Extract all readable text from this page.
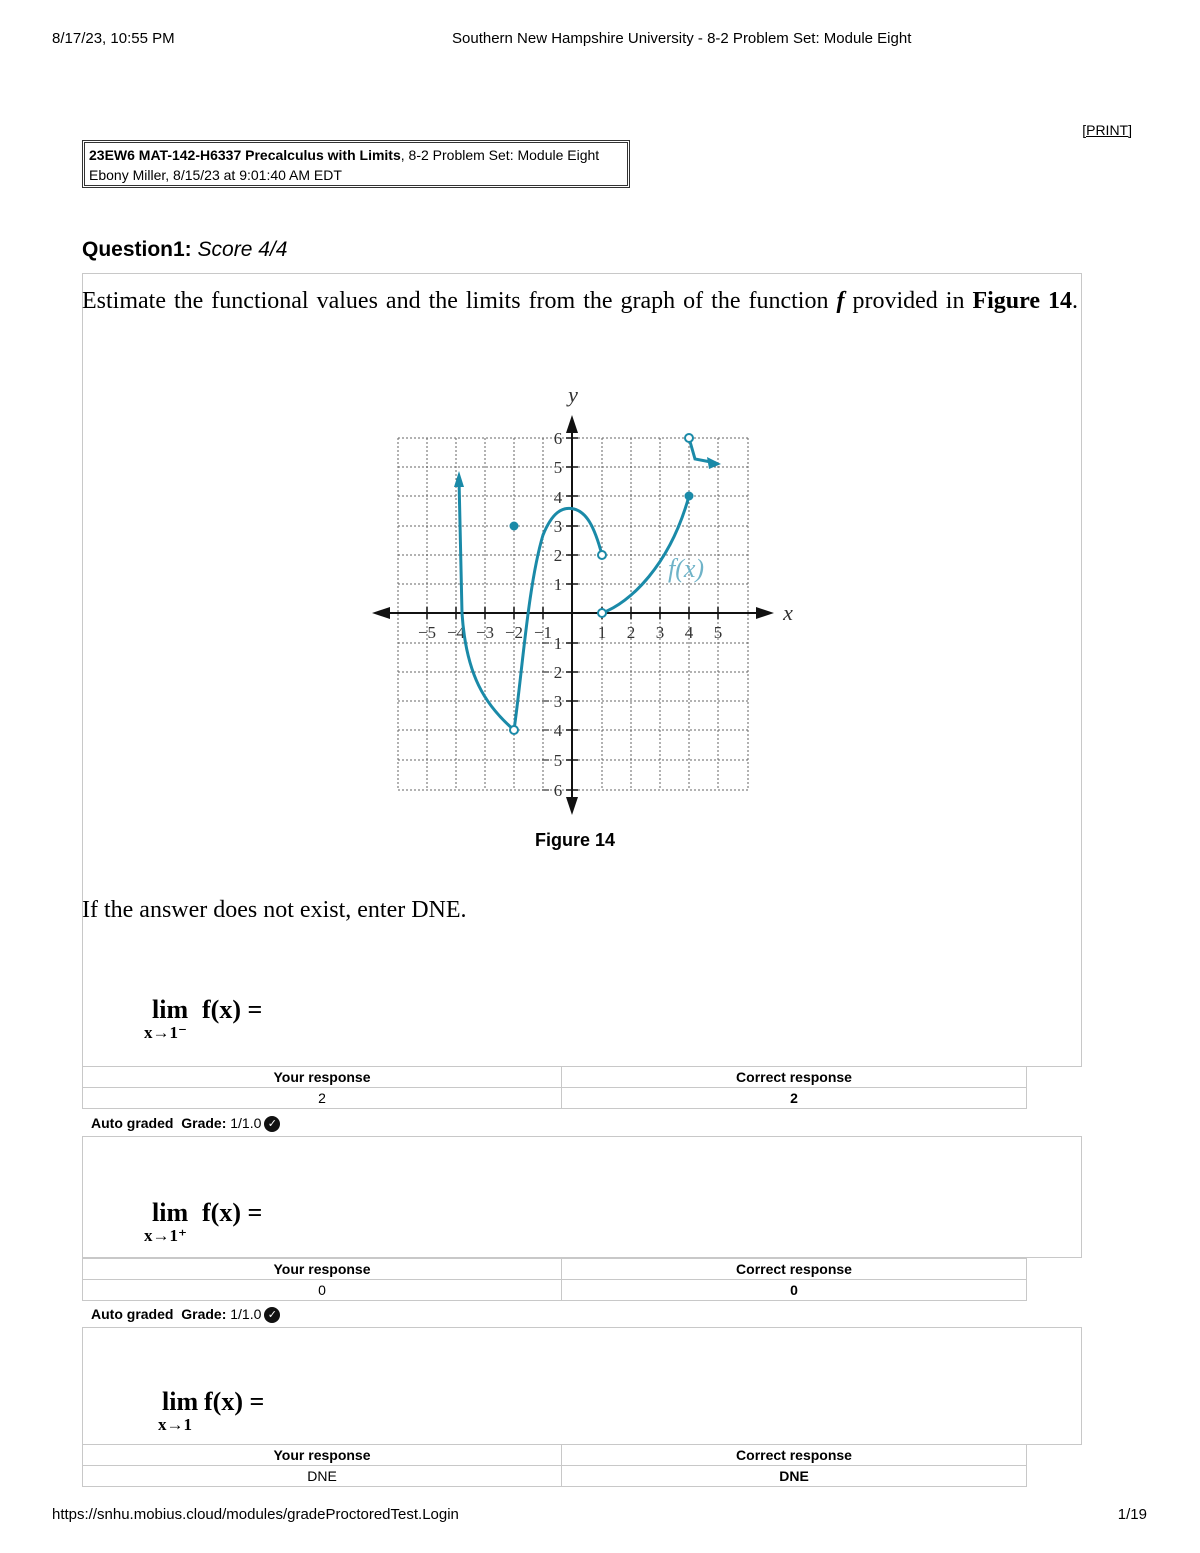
8/17/23, 10:55 PM	Southern New Hampshire University - 8-2 Problem Set: Module Eight
[PRINT]
23EW6 MAT-142-H6337 Precalculus with Limits, 8-2 Problem Set: Module Eight
Ebony Miller, 8/15/23 at 9:01:40 AM EDT
Question1: Score 4/4
Estimate the functional values and the limits from the graph of the function f provided in Figure 14.
y
x
−5 −4 −3 −2 −1	1 2 3 4 5
1
2
3
4
5
6
1
2
3
4
5
6
f(x)
Figure 14
If the answer does not exist, enter DNE.
lim
x→1⁻
f(x) =
Your response	Correct response
2	2
Auto graded Grade: 1/1.0 ✓
lim
x→1⁺
f(x) =
Your response	Correct response
0	0
Auto graded Grade: 1/1.0 ✓
lim
x→1
f(x) =
Your response	Correct response
DNE	DNE
https://snhu.mobius.cloud/modules/gradeProctoredTest.Login	1/19
